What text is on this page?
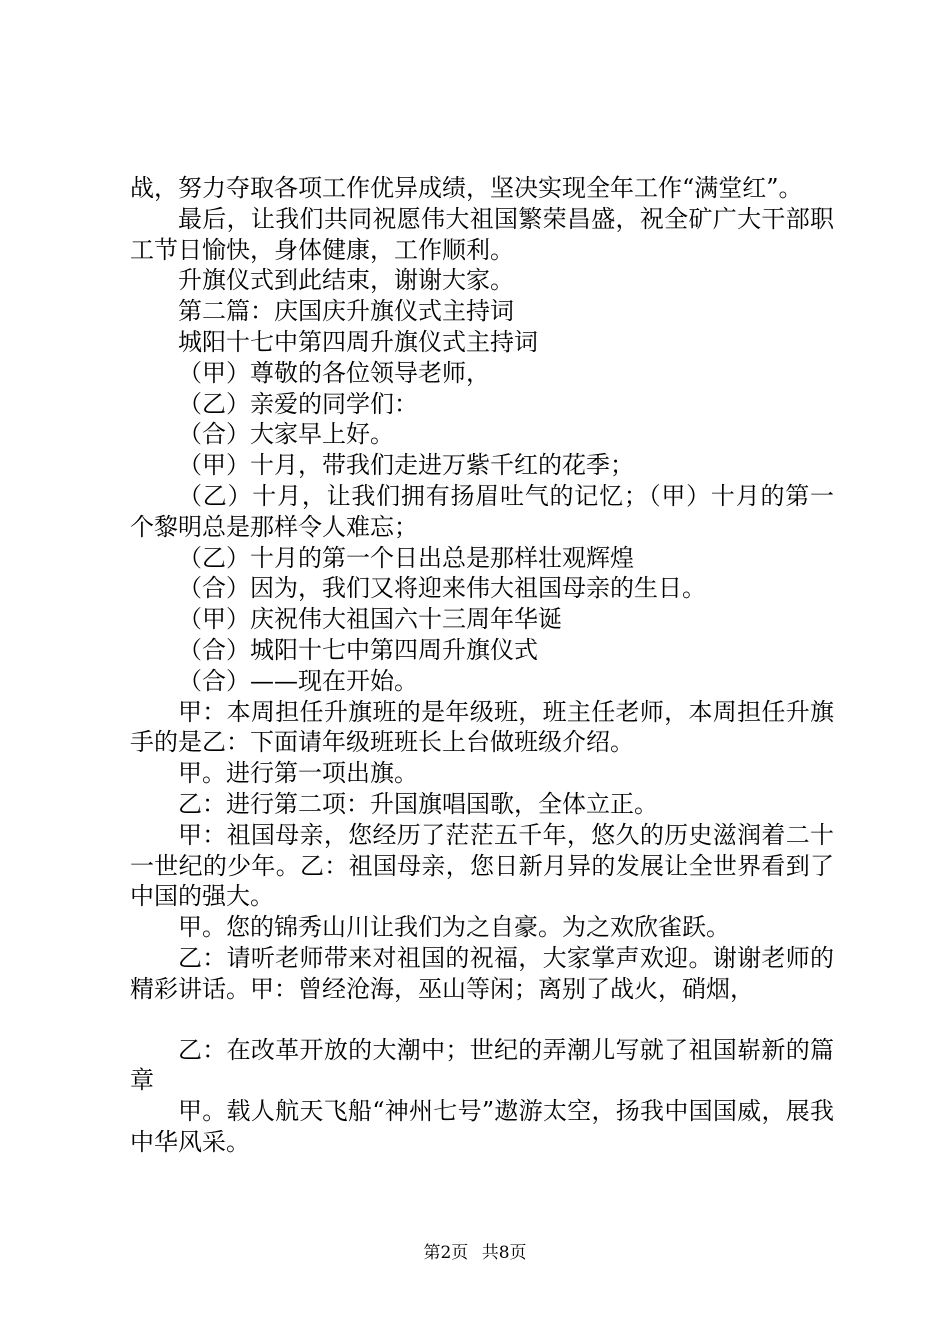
战，努力夺取各项工作优异成绩，坚决实现全年工作“满堂红”。

最后，让我们共同祝愿伟大祖国繁荣昌盛，祝全矿广大干部职工节日愉快，身体健康，工作顺利。

升旗仪式到此结束，谢谢大家。

第二篇：庆国庆升旗仪式主持词

城阳十七中第四周升旗仪式主持词

（甲）尊敬的各位领导老师，

（乙）亲爱的同学们：

（合）大家早上好。

（甲）十月，带我们走进万紫千红的花季；

（乙）十月，让我们拥有扬眉吐气的记忆；（甲）十月的第一个黎明总是那样令人难忘；

（乙）十月的第一个日出总是那样壮观辉煌

（合）因为，我们又将迎来伟大祖国母亲的生日。

（甲）庆祝伟大祖国六十三周年华诞

（合）城阳十七中第四周升旗仪式

（合）——现在开始。

甲：本周担任升旗班的是年级班，班主任老师，本周担任升旗手的是乙：下面请年级班班长上台做班级介绍。

甲。进行第一项出旗。

乙：进行第二项：升国旗唱国歌，全体立正。

甲：祖国母亲，您经历了茫茫五千年，悠久的历史滋润着二十一世纪的少年。乙：祖国母亲，您日新月异的发展让全世界看到了中国的强大。

甲。您的锦秀山川让我们为之自豪。为之欢欣雀跃。

乙：请听老师带来对祖国的祝福，大家掌声欢迎。谢谢老师的精彩讲话。甲：曾经沧海，巫山等闲；离别了战火，硝烟，

乙：在改革开放的大潮中；世纪的弄潮儿写就了祖国崭新的篇章

甲。载人航天飞船“神州七号”遨游太空，扬我中国国威，展我中华风采。

第2页 共8页
